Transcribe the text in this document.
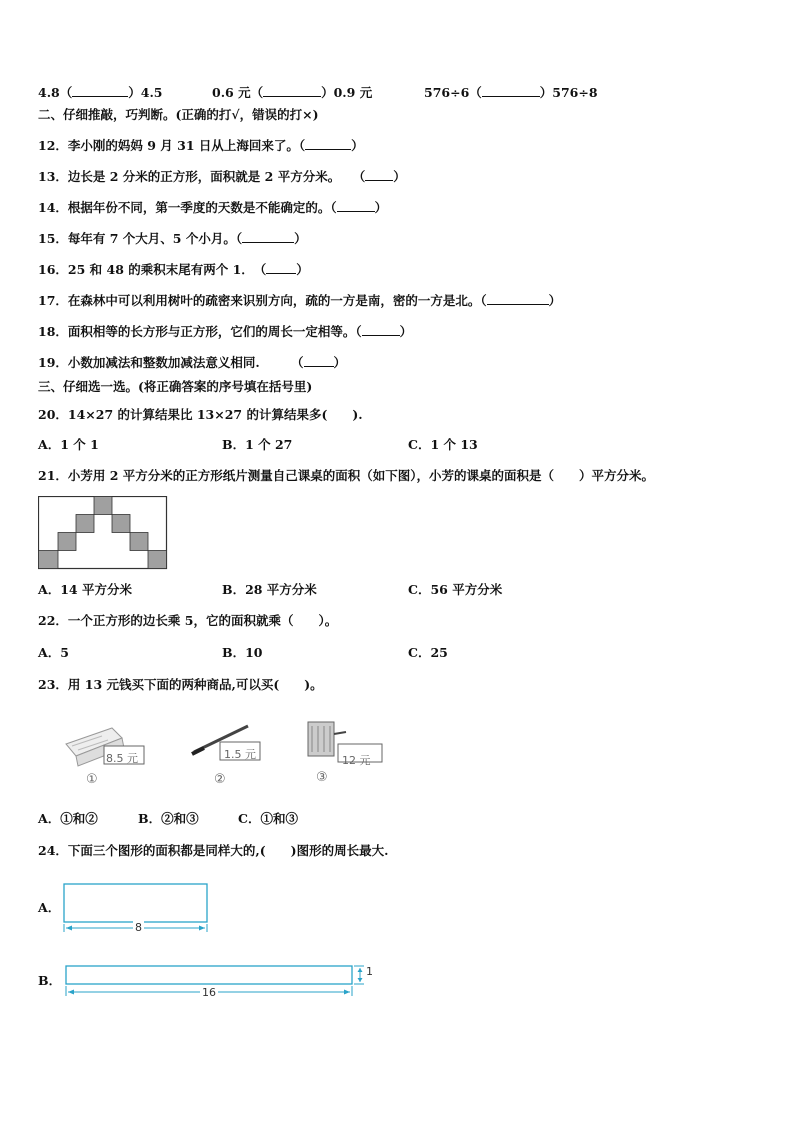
4.8（	）4.5	0.6 元（	）0.9 元	576÷6（	）576÷8
二、仔细推敲，巧判断。(正确的打√，错误的打×)
12．李小刚的妈妈 9 月 31 日从上海回来了。（	）
13．边长是 2 分米的正方形，面积就是 2 平方分米。　　（ ）
14．根据年份不同，第一季度的天数是不能确定的。（	）
15．每年有 7 个大月、5 个小月。（	）
16．25 和 48 的乘积末尾有两个 1．　（ ）
17．在森林中可以利用树叶的疏密来识别方向，疏的一方是南，密的一方是北。（	）
18．面积相等的长方形与正方形，它们的周长一定相等。（	）
19．小数加减法和整数加减法意义相同.　　　（ ）
三、仔细选一选。(将正确答案的序号填在括号里)
20．14×27 的计算结果比 13×27 的计算结果多(　　).
A．1 个 1	B．1 个 27	C．1 个 13
21．小芳用 2 平方分米的正方形纸片测量自己课桌的面积（如下图），小芳的课桌的面积是（　　）平方分米。
A．14 平方分米	B．28 平方分米	C．56 平方分米
22．一个正方形的边长乘 5，它的面积就乘（　　）。
A．5	B．10	C．25
23．用 13 元钱买下面的两种商品,可以买(　　)。
8.5 元
①
1.5 元
②
12 元
③
A．①和②	B．②和③	C．①和③
24．下面三个图形的面积都是同样大的,(　　)图形的周长最大.
A．
8
B．
16
1
